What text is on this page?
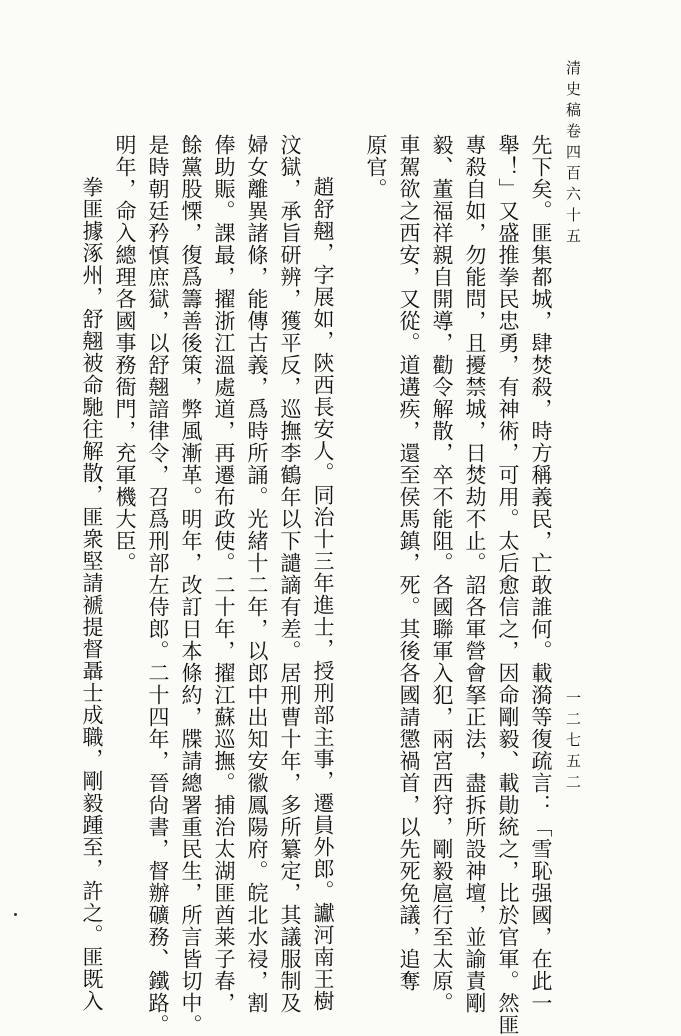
清史稿卷四百六十五
一二七五二
先下矣。匪集都城，肆焚殺，時方稱義民，亡敢誰何。載漪等復疏言：「雪恥强國，在此一
舉！」又盛推拳民忠勇，有神術，可用。太后愈信之，因命剛毅、載勛統之，比於官軍。然匪
專殺自如，勿能問，且擾禁城，日焚劫不止。詔各軍營會拏正法，盡拆所設神壇，並諭責剛
毅、董福祥親自開導，勸令解散，卒不能阻。各國聯軍入犯，兩宮西狩，剛毅扈行至太原。
車駕欲之西安，又從。道遘疾，還至侯馬鎮，死。其後各國請懲禍首，以先死免議，追奪
原官。
趙舒翹，字展如，陝西長安人。同治十三年進士，授刑部主事，遷員外郎。讞河南王樹
汶獄，承旨研辨，獲平反，巡撫李鶴年以下譴謫有差。居刑曹十年，多所纂定，其議服制及
婦女離異諸條，能傳古義，爲時所誦。光緒十二年，以郎中出知安徽鳳陽府。皖北水祲，割
俸助賑。課最，擢浙江溫處道，再遷布政使。二十年，擢江蘇巡撫。捕治太湖匪酋莱子春，
餘黨股慄，復爲籌善後策，弊風漸革。明年，改訂日本條約，牒請總署重民生，所言皆切中。
是時朝廷矜慎庶獄，以舒翹諳律令，召爲刑部左侍郎。二十四年，晉尙書，督辦礦務、鐵路。
明年，命入總理各國事務衙門，充軍機大臣。
拳匪據涿州，舒翹被命馳往解散，匪衆堅請褫提督聶士成職，剛毅踵至，許之。匪既入
